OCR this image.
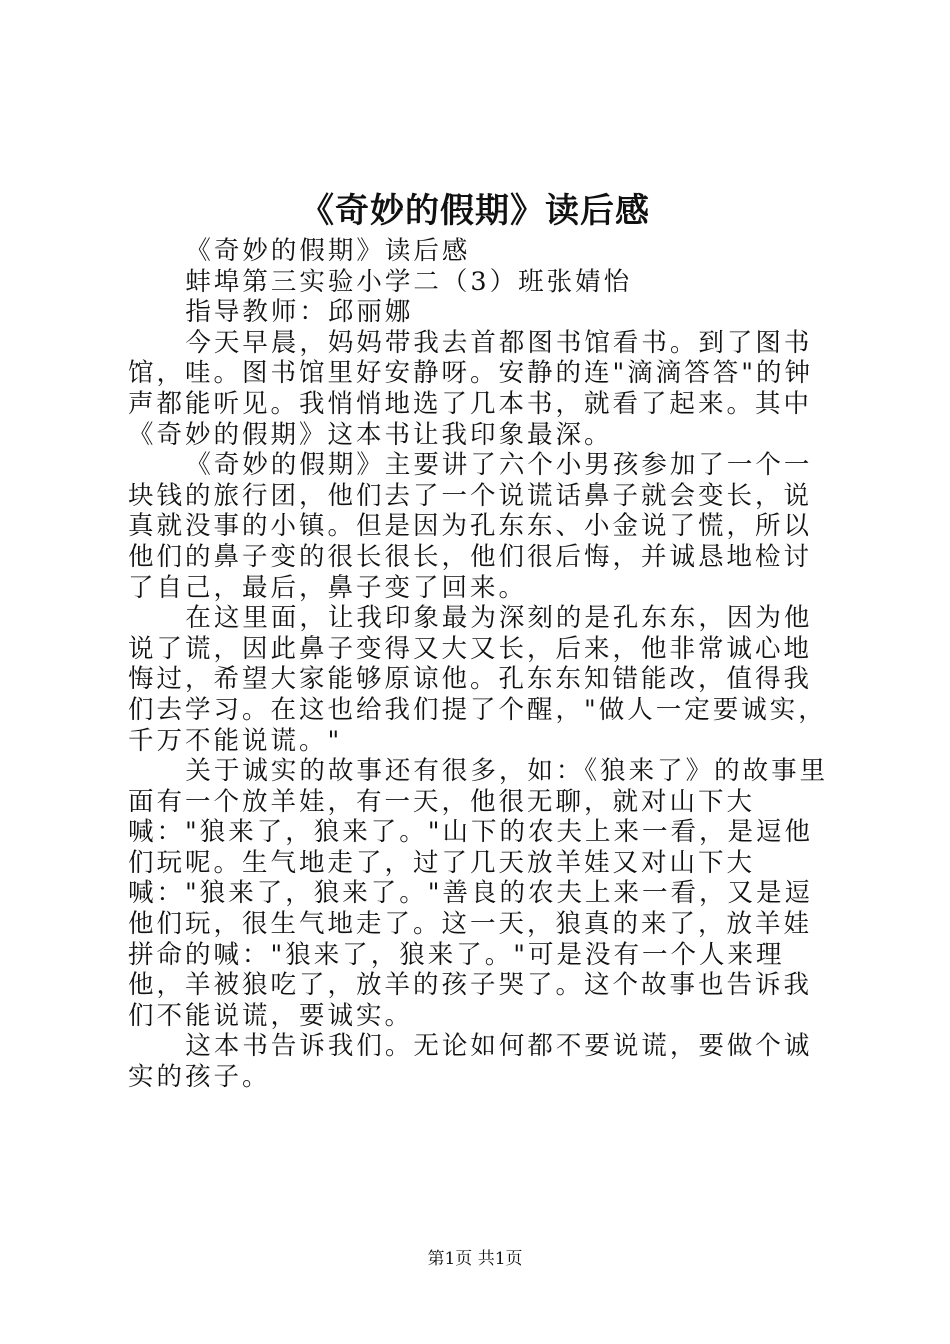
《奇妙的假期》读后感

《奇妙的假期》读后感

蚌埠第三实验小学二（3）班张婧怡

指导教师：邱丽娜

今天早晨，妈妈带我去首都图书馆看书。到了图书馆，哇。图书馆里好安静呀。安静的连"滴滴答答"的钟声都能听见。我悄悄地选了几本书，就看了起来。其中《奇妙的假期》这本书让我印象最深。

《奇妙的假期》主要讲了六个小男孩参加了一个一块钱的旅行团，他们去了一个说谎话鼻子就会变长，说真就没事的小镇。但是因为孔东东、小金说了慌，所以他们的鼻子变的很长很长，他们很后悔，并诚恳地检讨了自己，最后，鼻子变了回来。

在这里面，让我印象最为深刻的是孔东东，因为他说了谎，因此鼻子变得又大又长，后来，他非常诚心地悔过，希望大家能够原谅他。孔东东知错能改，值得我们去学习。在这也给我们提了个醒，"做人一定要诚实，千万不能说谎。"

关于诚实的故事还有很多，如：《狼来了》的故事里面有一个放羊娃，有一天，他很无聊，就对山下大喊："狼来了，狼来了。"山下的农夫上来一看，是逗他们玩呢。生气地走了，过了几天放羊娃又对山下大喊："狼来了，狼来了。"善良的农夫上来一看，又是逗他们玩，很生气地走了。这一天，狼真的来了，放羊娃拼命的喊："狼来了，狼来了。"可是没有一个人来理他，羊被狼吃了，放羊的孩子哭了。这个故事也告诉我们不能说谎，要诚实。

这本书告诉我们。无论如何都不要说谎，要做个诚实的孩子。

第1页 共1页
